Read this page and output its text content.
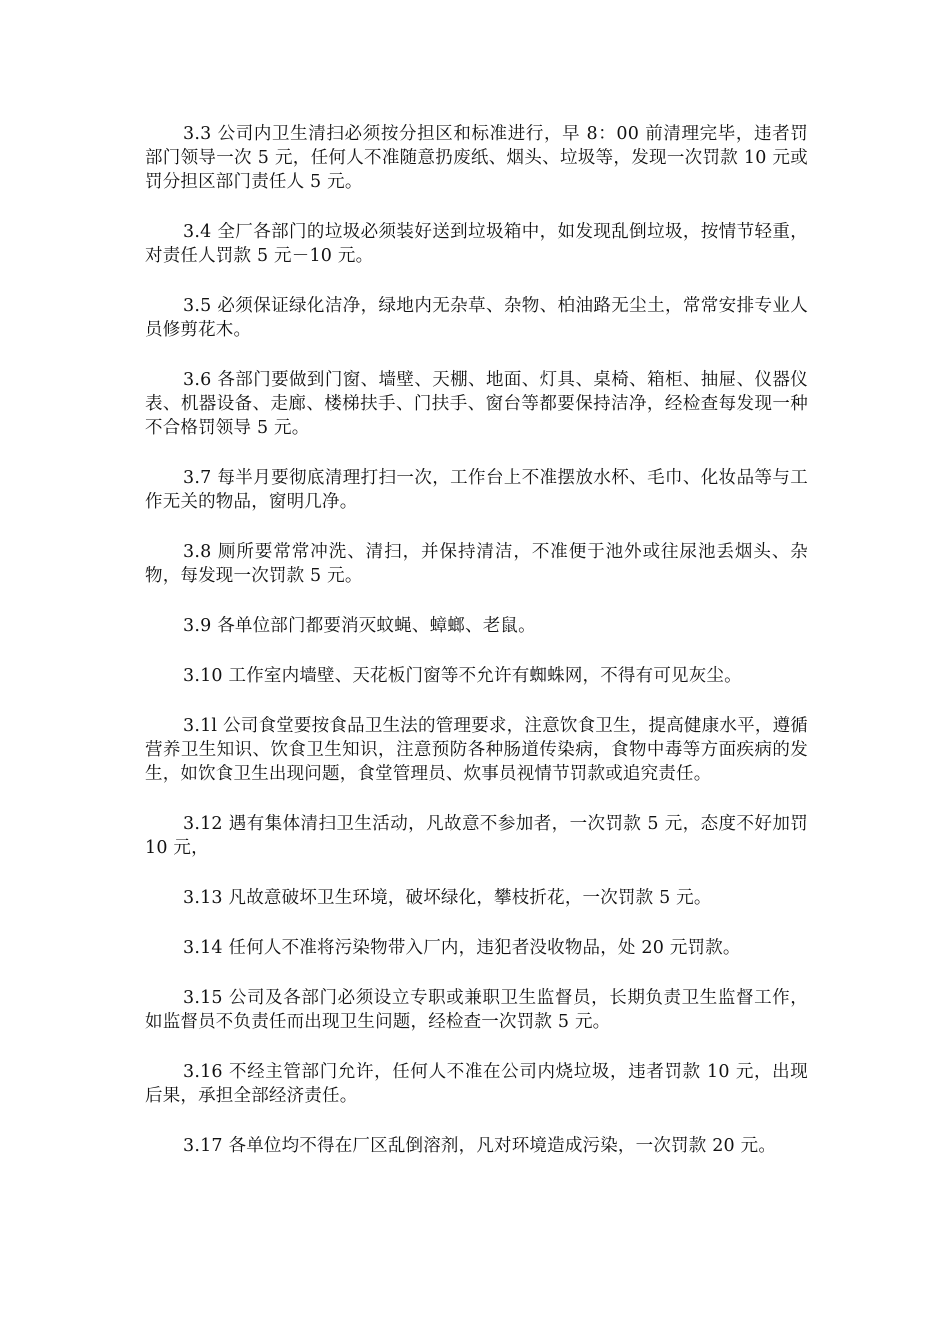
3.3 公司内卫生清扫必须按分担区和标准进行，早 8：00 前清理完毕，违者罚部门领导一次 5 元，任何人不准随意扔废纸、烟头、垃圾等，发现一次罚款 10 元或罚分担区部门责任人 5 元。

3.4 全厂各部门的垃圾必须装好送到垃圾箱中，如发现乱倒垃圾，按情节轻重，对责任人罚款 5 元－10 元。

3.5 必须保证绿化洁净，绿地内无杂草、杂物、柏油路无尘土，常常安排专业人员修剪花木。

3.6 各部门要做到门窗、墙壁、天棚、地面、灯具、桌椅、箱柜、抽屉、仪器仪表、机器设备、走廊、楼梯扶手、门扶手、窗台等都要保持洁净，经检查每发现一种不合格罚领导 5 元。

3.7 每半月要彻底清理打扫一次，工作台上不准摆放水杯、毛巾、化妆品等与工作无关的物品，窗明几净。

3.8 厕所要常常冲洗、清扫，并保持清洁，不准便于池外或往尿池丢烟头、杂物，每发现一次罚款 5 元。

3.9 各单位部门都要消灭蚊蝇、蟑螂、老鼠。

3.10 工作室内墙壁、天花板门窗等不允许有蜘蛛网，不得有可见灰尘。

3.1l 公司食堂要按食品卫生法的管理要求，注意饮食卫生，提高健康水平，遵循营养卫生知识、饮食卫生知识，注意预防各种肠道传染病，食物中毒等方面疾病的发生，如饮食卫生出现问题，食堂管理员、炊事员视情节罚款或追究责任。

3.12 遇有集体清扫卫生活动，凡故意不参加者，一次罚款 5 元，态度不好加罚 10 元，

3.13 凡故意破坏卫生环境，破坏绿化，攀枝折花，一次罚款 5 元。

3.14 任何人不准将污染物带入厂内，违犯者没收物品，处 20 元罚款。

3.15 公司及各部门必须设立专职或兼职卫生监督员，长期负责卫生监督工作，如监督员不负责任而出现卫生问题，经检查一次罚款 5 元。

3.16 不经主管部门允许，任何人不准在公司内烧垃圾，违者罚款 10 元，出现后果，承担全部经济责任。

3.17 各单位均不得在厂区乱倒溶剂，凡对环境造成污染，一次罚款 20 元。
